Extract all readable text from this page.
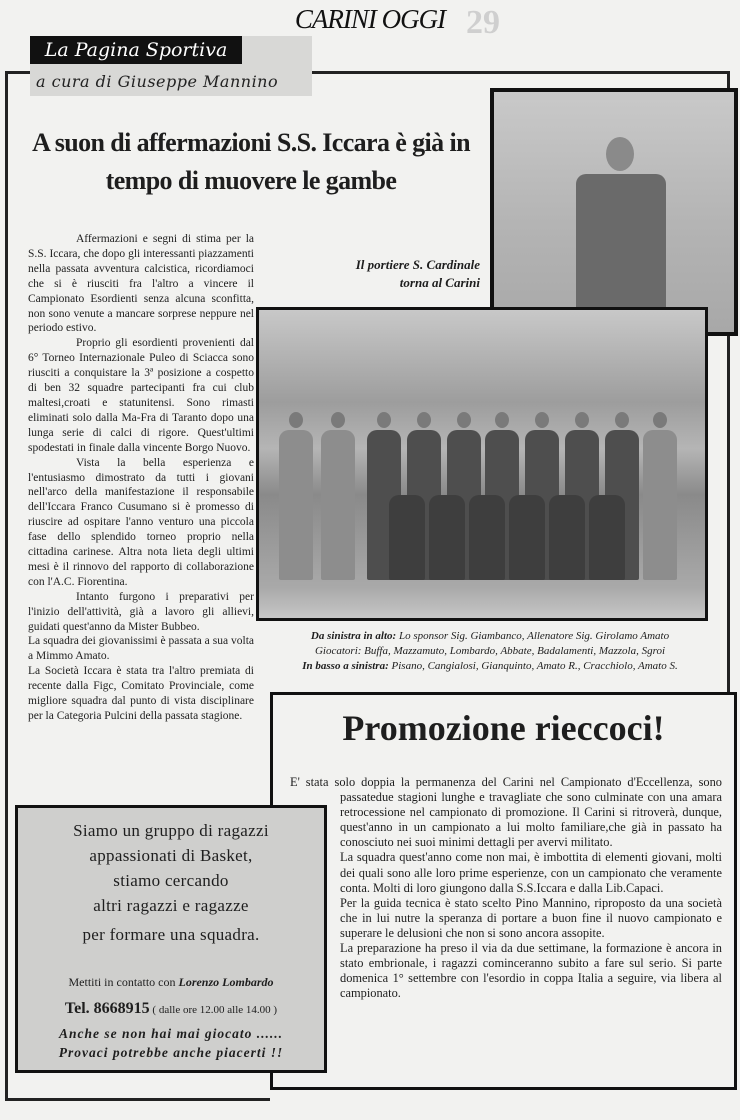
29
CARINI OGGI
La Pagina Sportiva
a cura di Giuseppe Mannino
A suon di affermazioni S.S. Iccara è già in tempo di muovere le gambe
Il portiere S. Cardinale
torna al Carini
Da sinistra in alto: Lo sponsor Sig. Giambanco, Allenatore Sig. Girolamo Amato
Giocatori: Buffa, Mazzamuto, Lombardo, Abbate, Badalamenti, Mazzola, Sgroi
In basso a sinistra: Pisano, Cangialosi, Gianquinto, Amato R., Cracchiolo, Amato S.

Affermazioni e segni di stima per la S.S. Iccara, che dopo gli interessanti piazzamenti nella passata avventura calcistica, ricordiamoci che si è riusciti fra l'altro a vincere il Campionato Esordienti senza alcuna sconfitta, non sono venute a mancare sorprese neppure nel periodo estivo.

Proprio gli esordienti provenienti dal 6° Torneo Internazionale Puleo di Sciacca sono riusciti a conquistare la 3ª posizione a cospetto di ben 32 squadre partecipanti fra cui club maltesi,croati e statunitensi. Sono rimasti eliminati solo dalla Ma-Fra di Taranto dopo una lunga serie di calci di rigore. Quest'ultimi spodestati in finale dalla vincente Borgo Nuovo.

Vista la bella esperienza e l'entusiasmo dimostrato da tutti i giovani nell'arco della manifestazione il responsabile dell'Iccara Franco Cusumano si è promesso di riuscire ad ospitare l'anno venturo una piccola fase dello splendido torneo proprio nella cittadina carinese. Altra nota lieta degli ultimi mesi è il rinnovo del rapporto di collaborazione con l'A.C. Fiorentina.

Intanto furgono i preparativi per l'inizio dell'attività, già a lavoro gli allievi, guidati quest'anno da Mister Bubbeo.

La squadra dei giovanissimi è passata a sua volta a Mimmo Amato.

La Società Iccara è stata tra l'altro premiata di recente dalla Figc, Comitato Provinciale, come migliore squadra dal punto di vista disciplinare per la Categoria Pulcini della passata stagione.	Promozione rieccoci!

E' stata solo doppia la permanenza del Carini nel Campionato d'Eccellenza, sono passatedue stagioni lunghe e travagliate che sono culminate con una amara retrocessione nel campionato di promozione. Il Carini si ritroverà, dunque, quest'anno in un campionato a lui molto familiare,che già in passato ha conosciuto nei suoi minimi dettagli per avervi militato.

La squadra quest'anno come non mai, è imbottita di elementi giovani, molti dei quali sono alle loro prime esperienze, con un campionato che veramente conta. Molti di loro giungono dalla S.S.Iccara e dalla Lib.Capaci.

Per la guida tecnica è stato scelto Pino Mannino, riproposto da una società che in lui nutre la speranza di portare a buon fine il nuovo campionato e superare le delusioni che non si sono ancora assopite.

La preparazione ha preso il via da due settimane, la formazione è ancora in stato embrionale, i ragazzi cominceranno subito a fare sul serio. Si parte domenica 1° settembre con l'esordio in coppa Italia a seguire, via libera al campionato.

Siamo un gruppo di ragazzi
appassionati di Basket,
stiamo cercando
altri ragazzi e ragazze
per formare una squadra.
Mettiti in contatto con Lorenzo Lombardo
Tel. 8668915 ( dalle ore 12.00 alle 14.00 )
Anche se non hai mai giocato ......
Provaci potrebbe anche piacerti !!
